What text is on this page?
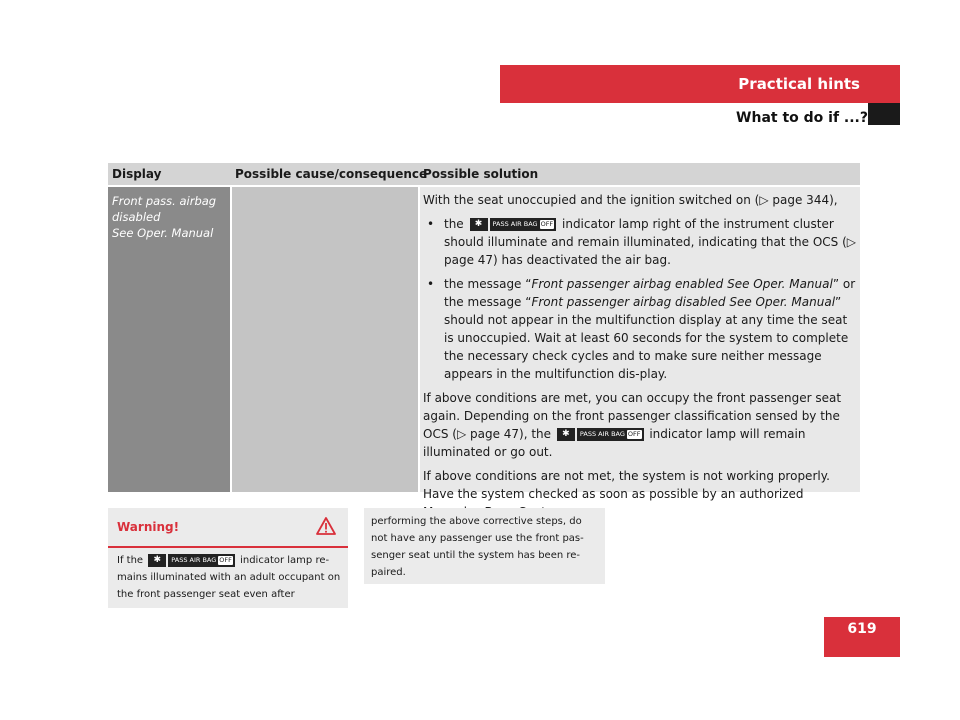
Practical hints
What to do if ...?
Display	Possible cause/consequence
Possible solution
Front pass. airbag
disabled
See Oper. Manual

With the seat unoccupied and the ignition switched on (▷ page 344),

• the ✱ PASS AIR BAG OFF indicator lamp right of the instrument cluster should illuminate and remain illuminated, indicating that the OCS (▷ page 47) has deactivated the air bag.
• the message “Front passenger airbag enabled See Oper. Manual” or the message “Front passenger airbag disabled See Oper. Manual” should not appear in the multifunction display at any time the seat is unoccupied. Wait at least 60 seconds for the system to complete the necessary check cycles and to make sure neither message appears in the multifunction dis-play.

If above conditions are met, you can occupy the front passenger seat again. Depending on the front passenger classification sensed by the OCS (▷ page 47), the ✱ PASS AIR BAG OFF indicator lamp will remain illuminated or go out.

If above conditions are not met, the system is not working properly. Have the system checked as soon as possible by an authorized

Warning!
If the ✱ PASS AIR BAG OFF indicator lamp re-mains illuminated with an adult occupant on the front passenger seat even after
performing the above corrective steps, do not have any passenger use the front pas-senger seat until the system has been re-paired.
619
